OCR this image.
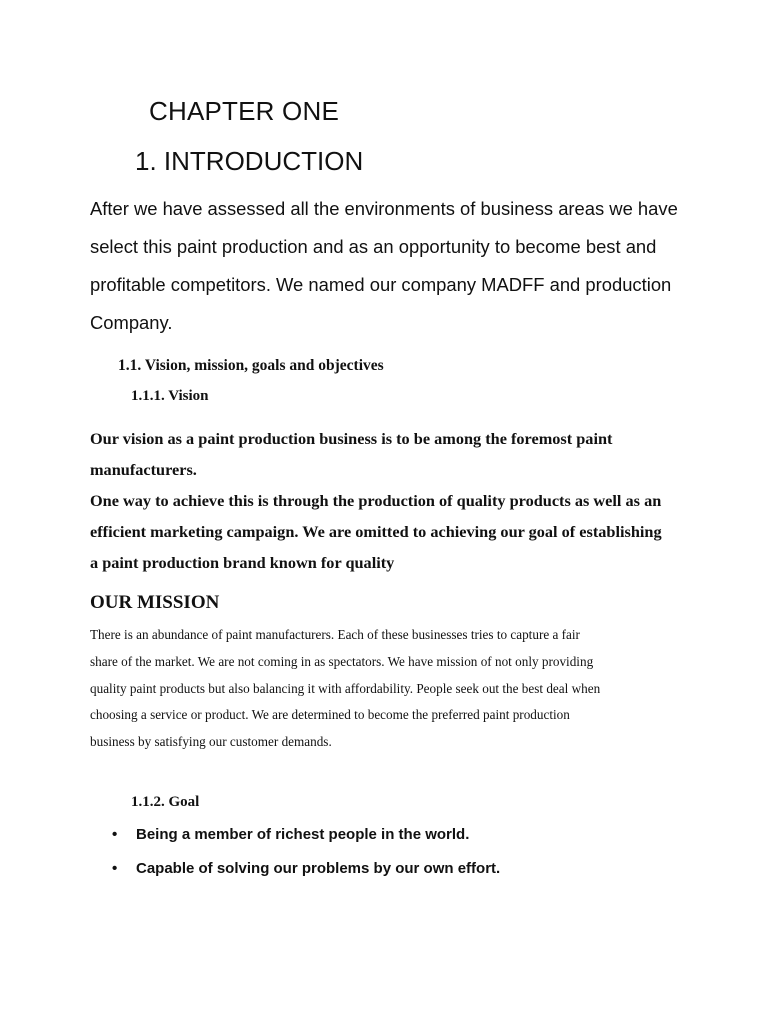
CHAPTER ONE
1. INTRODUCTION

After we have assessed all the environments of business areas we have
select this paint production and as an opportunity to become best and
profitable competitors. We named our company MADFF and production
Company.

1.1. Vision, mission, goals and objectives
1.1.1. Vision

Our vision as a paint production business is to be among the foremost paint
manufacturers.
One way to achieve this is through the production of quality products as well as an
efficient marketing campaign. We are omitted to achieving our goal of establishing
a paint production brand known for quality

OUR MISSION

There is an abundance of paint manufacturers. Each of these businesses tries to capture a fair
share of the market. We are not coming in as spectators. We have mission of not only providing
quality paint products but also balancing it with affordability. People seek out the best deal when
choosing a service or product. We are determined to become the preferred paint production
business by satisfying our customer demands.

1.1.2. Goal
• Being a member of richest people in the world.
• Capable of solving our problems by our own effort.
